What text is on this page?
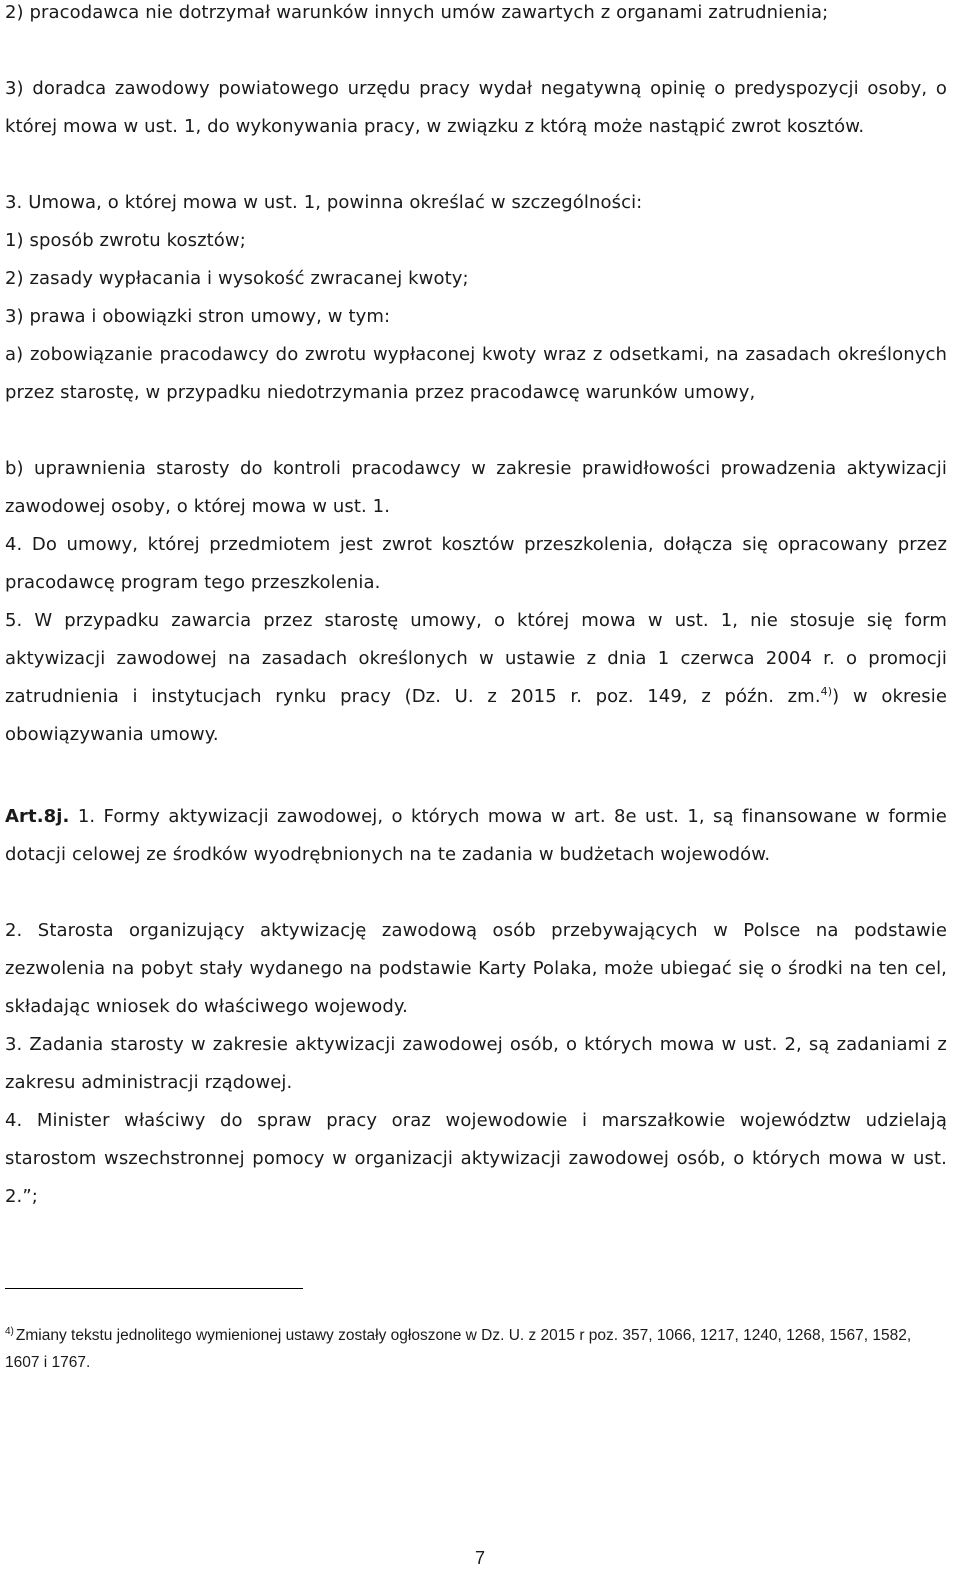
2) pracodawca nie dotrzymał warunków innych umów zawartych z organami zatrudnienia;

3) doradca zawodowy powiatowego urzędu pracy wydał negatywną opinię o predyspozycji osoby, o której mowa w ust. 1, do wykonywania pracy, w związku z którą może nastąpić zwrot kosztów.

3. Umowa, o której mowa w ust. 1, powinna określać w szczególności:

1) sposób zwrotu kosztów;

2) zasady wypłacania i wysokość zwracanej kwoty;

3) prawa i obowiązki stron umowy, w tym:

a) zobowiązanie pracodawcy do zwrotu wypłaconej kwoty wraz z odsetkami, na zasadach określonych przez starostę, w przypadku niedotrzymania przez pracodawcę warunków umowy,

b) uprawnienia starosty do kontroli pracodawcy w zakresie prawidłowości prowadzenia aktywizacji zawodowej osoby, o której mowa w ust. 1.

4. Do umowy, której przedmiotem jest zwrot kosztów przeszkolenia, dołącza się opracowany przez pracodawcę program tego przeszkolenia.

5. W przypadku zawarcia przez starostę umowy, o której mowa w ust. 1, nie stosuje się form aktywizacji zawodowej na zasadach określonych w ustawie z dnia 1 czerwca 2004 r. o promocji zatrudnienia i instytucjach rynku pracy (Dz. U. z 2015 r. poz. 149, z późn. zm.$^{4)}$) w okresie obowiązywania umowy.

Art.8j. 1. Formy aktywizacji zawodowej, o których mowa w art. 8e ust. 1, są finansowane w formie dotacji celowej ze środków wyodrębnionych na te zadania w budżetach wojewodów.

2. Starosta organizujący aktywizację zawodową osób przebywających w Polsce na podstawie zezwolenia na pobyt stały wydanego na podstawie Karty Polaka, może ubiegać się o środki na ten cel, składając wniosek do właściwego wojewody.

3. Zadania starosty w zakresie aktywizacji zawodowej osób, o których mowa w ust. 2, są zadaniami z zakresu administracji rządowej.

4. Minister właściwy do spraw pracy oraz wojewodowie i marszałkowie województw udzielają starostom wszechstronnej pomocy w organizacji aktywizacji zawodowej osób, o których mowa w ust. 2.”;

$^{4)}$ Zmiany tekstu jednolitego wymienionej ustawy zostały ogłoszone w Dz. U. z 2015 r poz. 357, 1066, 1217, 1240, 1268, 1567, 1582, 1607 i 1767.

7
